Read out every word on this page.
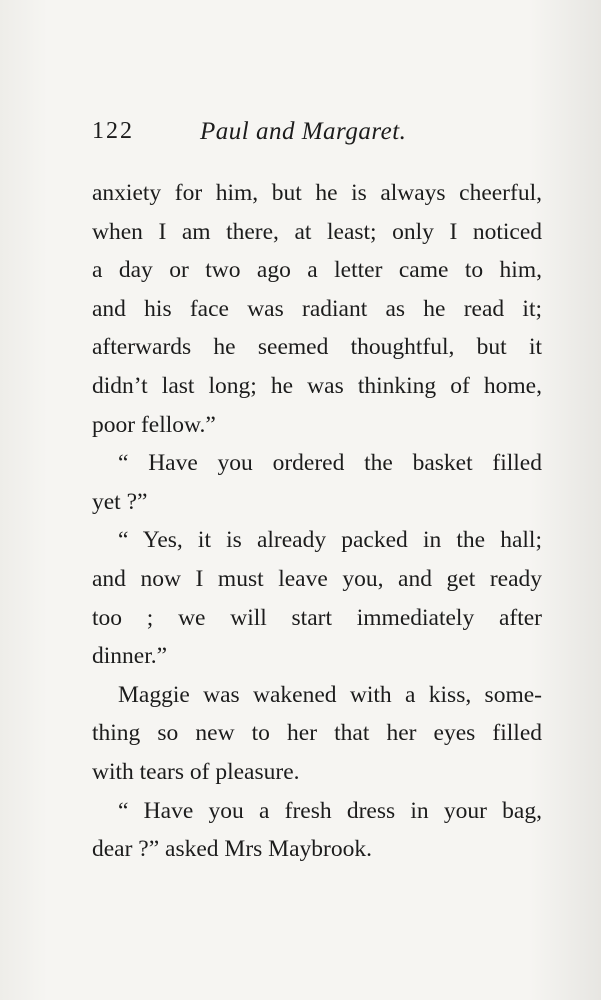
122	Paul and Margaret.
anxiety for him, but he is always cheerful,
when I am there, at least; only I noticed
a day or two ago a letter came to him,
and his face was radiant as he read it;
afterwards he seemed thoughtful, but it
didn’t last long; he was thinking of home,
poor fellow.”
“ Have you ordered the basket filled
yet ?”
“ Yes, it is already packed in the hall;
and now I must leave you, and get ready
too ; we will start immediately after
dinner.”
Maggie was wakened with a kiss, some-
thing so new to her that her eyes filled
with tears of pleasure.
“ Have you a fresh dress in your bag,
dear ?” asked Mrs Maybrook.
